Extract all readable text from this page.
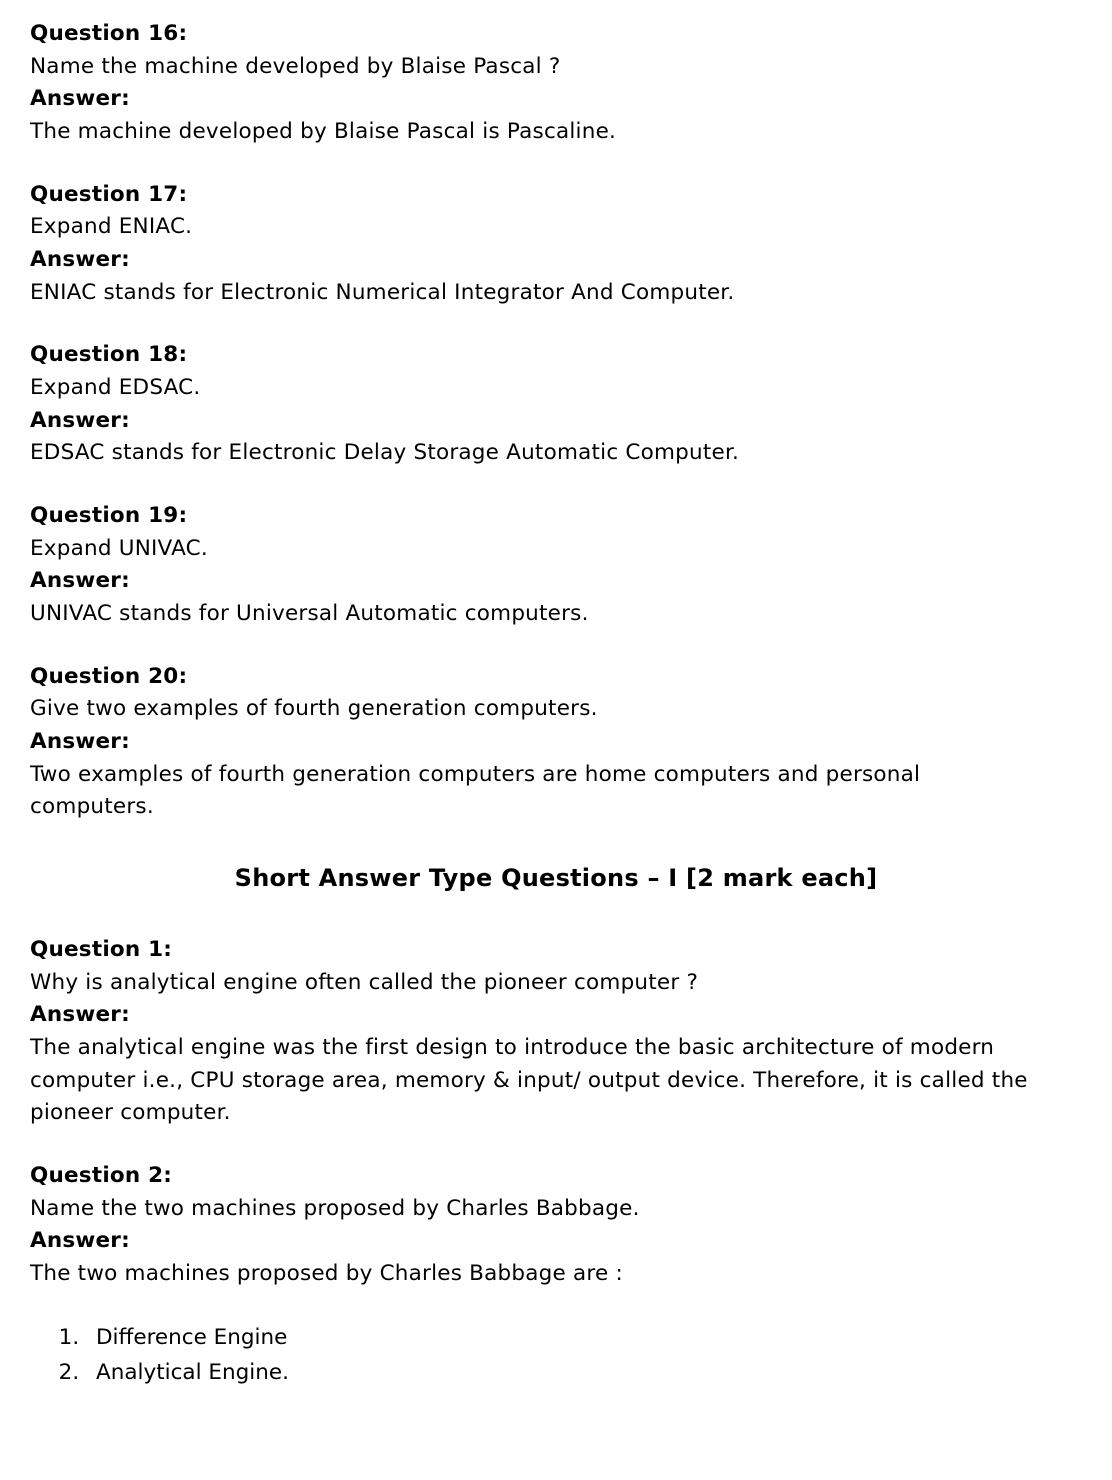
Question 16:
Name the machine developed by Blaise Pascal ?
Answer:
The machine developed by Blaise Pascal is Pascaline.
Question 17:
Expand ENIAC.
Answer:
ENIAC stands for Electronic Numerical Integrator And Computer.
Question 18:
Expand EDSAC.
Answer:
EDSAC stands for Electronic Delay Storage Automatic Computer.
Question 19:
Expand UNIVAC.
Answer:
UNIVAC stands for Universal Automatic computers.
Question 20:
Give two examples of fourth generation computers.
Answer:
Two examples of fourth generation computers are home computers and personal computers.
Short Answer Type Questions – I [2 mark each]
Question 1:
Why is analytical engine often called the pioneer computer ?
Answer:
The analytical engine was the first design to introduce the basic architecture of modern computer i.e., CPU storage area, memory & input/ output device. Therefore, it is called the pioneer computer.
Question 2:
Name the two machines proposed by Charles Babbage.
Answer:
The two machines proposed by Charles Babbage are :
1. Difference Engine
2. Analytical Engine.
